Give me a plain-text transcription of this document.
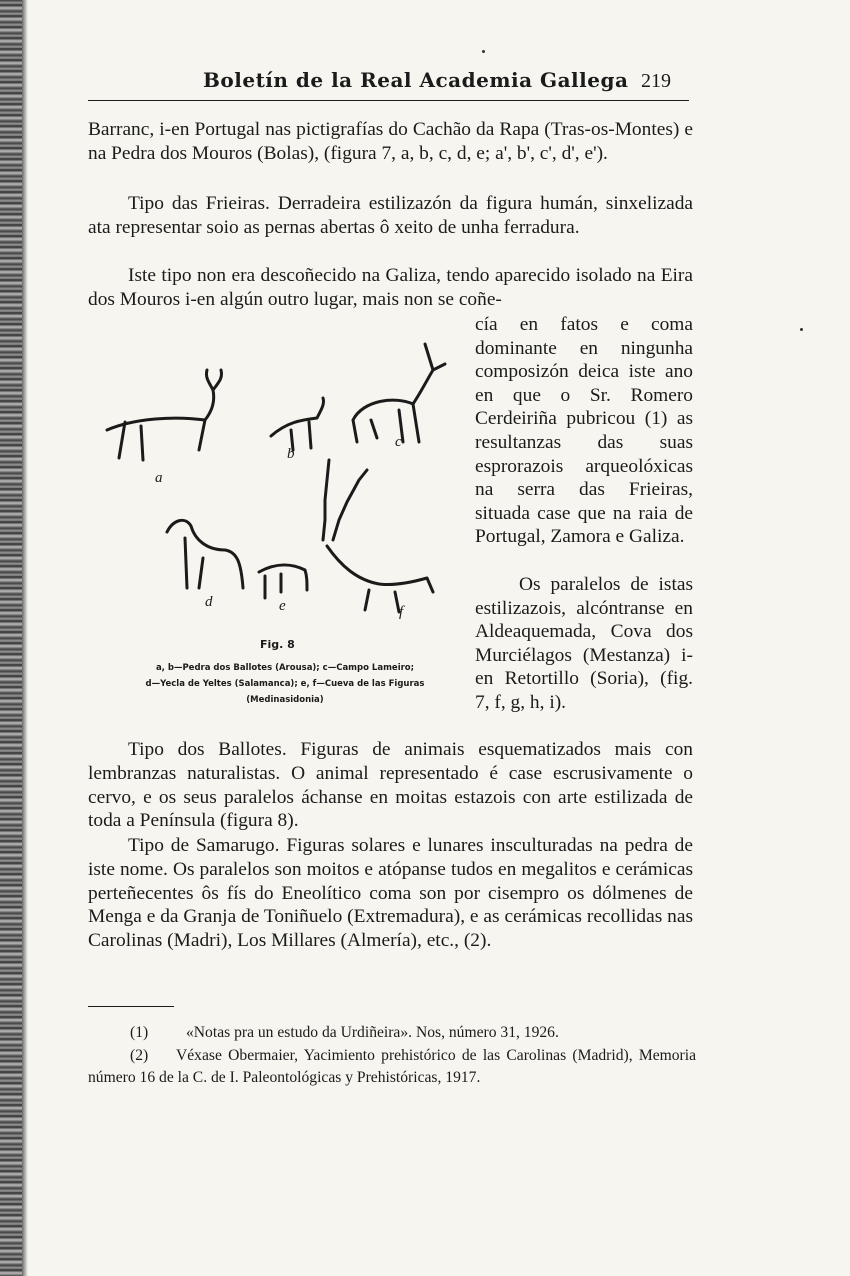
Boletín de la Real Academia Gallega 219

Barranc, i-en Portugal nas pictigrafías do Cachão da Rapa (Tras-os-Montes) e na Pedra dos Mouros (Bolas), (figura 7, a, b, c, d, e; a', b', c', d', e').

Tipo das Frieiras. Derradeira estilizazón da figura humán, sinxelizada ata representar soio as pernas abertas ô xeito de unha ferradura.

Iste tipo non era descoñecido na Galiza, tendo aparecido isolado na Eira dos Mouros i-en algún outro lugar, mais non se coñe-

cía en fatos e coma dominante en ningunha composizón deica iste ano en que o Sr. Romero Cerdeiriña pubricou (1) as resultanzas das suas esprorazois arqueolóxicas na serra das Frieiras, situada case que na raia de Portugal, Zamora e Galiza.
Os paralelos de istas estilizazois, alcóntranse en Aldeaquemada, Cova dos Murciélagos (Mestanza) i-en Retortillo (Soria), (fig. 7, f, g, h, i).
a
b
c
d	e	f
Fig. 8
a, b—Pedra dos Ballotes (Arousa); c—Campo Lameiro;
d—Yecla de Yeltes (Salamanca); e, f—Cueva de las Figuras (Medinasidonia)

Tipo dos Ballotes. Figuras de animais esquematizados mais con lembranzas naturalistas. O animal representado é case escrusivamente o cervo, e os seus paralelos áchanse en moitas estazois con arte estilizada de toda a Península (figura 8).

Tipo de Samarugo. Figuras solares e lunares insculturadas na pedra de iste nome. Os paralelos son moitos e atópanse tudos en megalitos e cerámicas perteñecentes ôs fís do Eneolítico coma son por cisempro os dólmenes de Menga e da Granja de Toniñuelo (Extremadura), e as cerámicas recollidas nas Carolinas (Madri), Los Millares (Almería), etc., (2).

(1) «Notas pra un estudo da Urdiñeira». Nos, número 31, 1926.

(2)	Véxase Obermaier, Yacimiento prehistórico de las Carolinas (Madrid), Memoria número 16 de la C. de I. Paleontológicas y Prehistóricas, 1917.
